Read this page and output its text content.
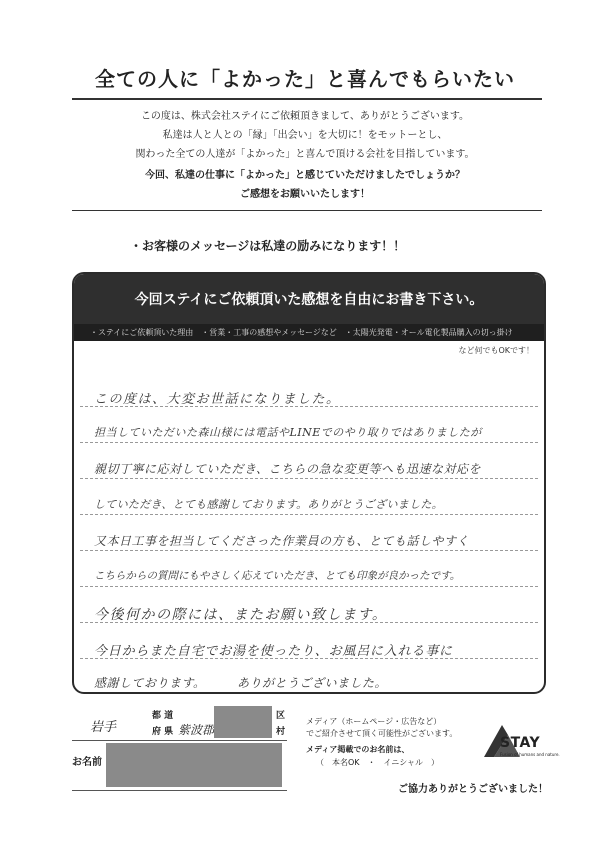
全ての人に「よかった」と喜んでもらいたい
この度は、株式会社ステイにご依頼頂きまして、ありがとうございます。
私達は人と人との「縁」「出会い」を大切に！をモットーとし、
関わった全ての人達が「よかった」と喜んで頂ける会社を目指しています。
今回、私達の仕事に「よかった」と感じていただけましたでしょうか？
ご感想をお願いいたします！
・お客様のメッセージは私達の励みになります！！
今回ステイにご依頼頂いた感想を自由にお書き下さい。
・ステイにご依頼頂いた理由　・営業・工事の感想やメッセージなど　・太陽光発電・オール電化製品購入の切っ掛け
など何でもOKです！
この度は、大変お世話になりました。
担当していただいた森山様には電話やLINEでのやり取りではありましたが
親切丁寧に応対していただき、こちらの急な変更等へも迅速な対応を
していただき、とても感謝しております。ありがとうございました。
又本日工事を担当してくださった作業員の方も、とても話しやすく
こちらからの質問にもやさしく応えていただき、とても印象が良かったです。
今後何かの際には、またお願い致します。
今日からまた自宅でお湯を使ったり、お風呂に入れる事に
感謝しております。　　　ありがとうございました。
岩手
都 道
府 県 紫波郡
区
村
お名前
メディア（ホームページ・広告など）
でご紹介させて頂く可能性がございます。
メディア掲載でのお名前は、
（　本名OK　・　イニシャル　）
STAY
Fusion of humans and nature.
ご協力ありがとうございました！
